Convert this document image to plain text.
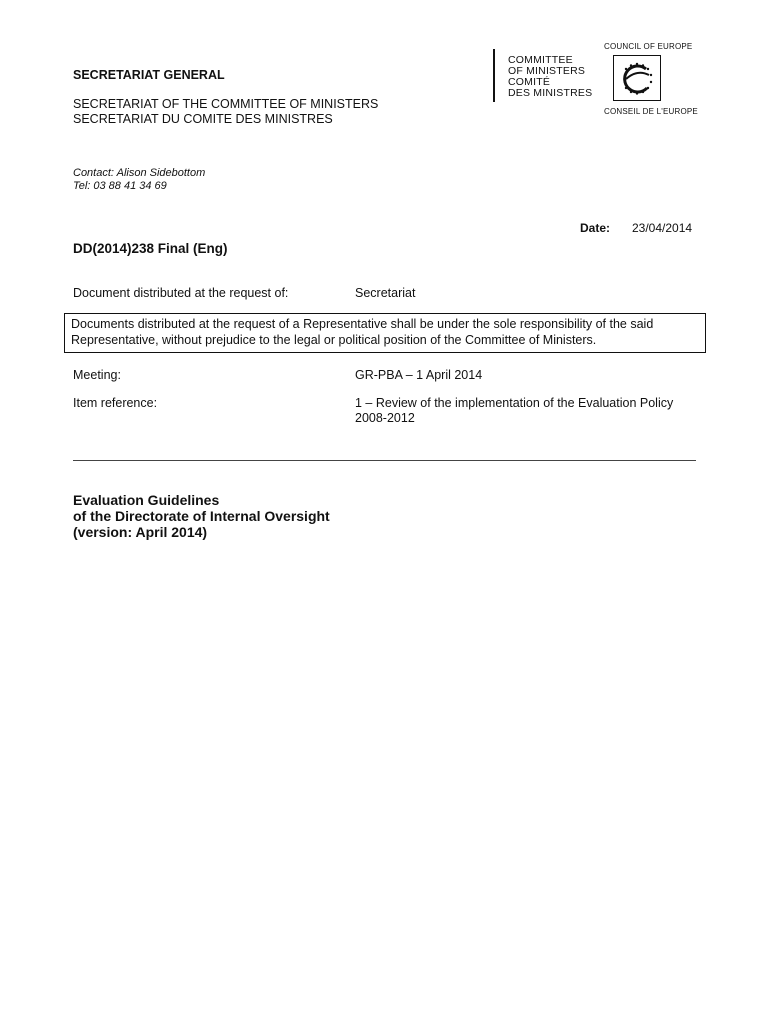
SECRETARIAT GENERAL
SECRETARIAT OF THE COMMITTEE OF MINISTERS
SECRETARIAT DU COMITE DES MINISTRES
COMMITTEE
OF MINISTERS
COMITÉ
DES MINISTRES
COUNCIL OF EUROPE
CONSEIL DE L'EUROPE
Contact: Alison Sidebottom
Tel: 03 88 41 34 69
Date: 23/04/2014
DD(2014)238 Final (Eng)
Document distributed at the request of:	Secretariat
Documents distributed at the request of a Representative shall be under the sole responsibility of the said Representative, without prejudice to the legal or political position of the Committee of Ministers.
Meeting:	GR-PBA – 1 April 2014
Item reference:	1 – Review of the implementation of the Evaluation Policy
2008-2012
Evaluation Guidelines
of the Directorate of Internal Oversight
(version: April 2014)
